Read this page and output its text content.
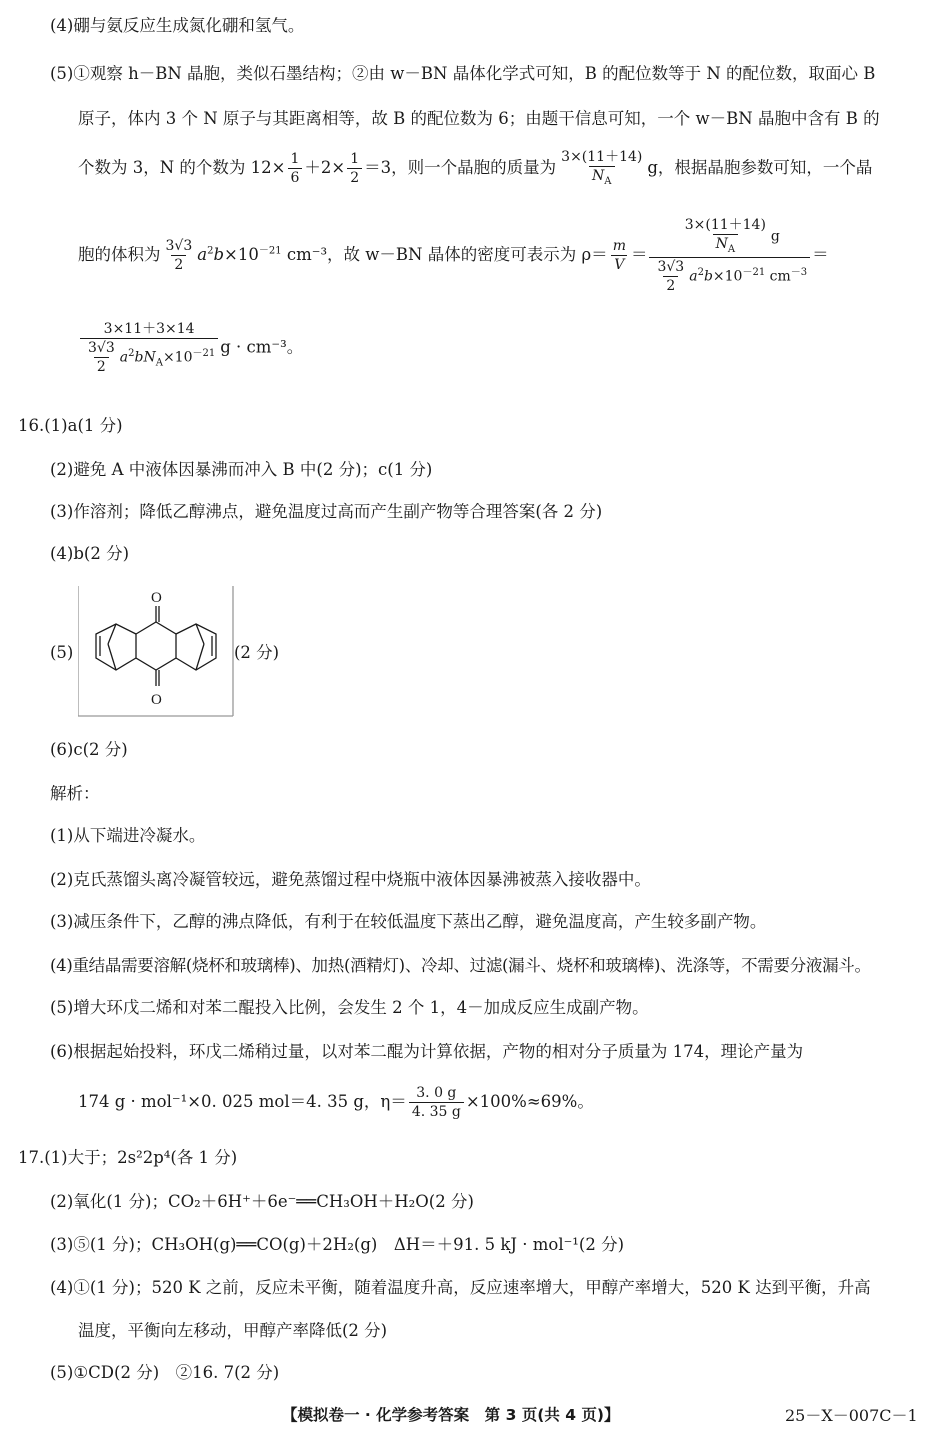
(4)硼与氨反应生成氮化硼和氢气。
(5)①观察 h－BN 晶胞，类似石墨结构；②由 w－BN 晶体化学式可知，B 的配位数等于 N 的配位数，取面心 B
原子，体内 3 个 N 原子与其距离相等，故 B 的配位数为 6；由题干信息可知，一个 w－BN 晶胞中含有 B 的
个数为 3，N 的个数为 $12\times \frac{1}{6} +2\times \frac{1}{2} =3$，则一个晶胞的质量为 $\frac{3\times(11+14)}{N_A}$ g，根据晶胞参数可知，一个晶
胞的体积为 $\frac{3√3}{2} a^2b\times 10^{-21}$ cm⁻³，故 w－BN 晶体的密度可表示为 $\rho= \frac{m}{V} = \frac{\frac{3\times(11+14)}{N_A} g}{\frac{3√3}{2} a^2b\times 10^{-21} cm^{-3}}$ ＝
$\frac{3\times 11+3\times 14}{\frac{3√3}{2} a^2bN_A\times 10^{-21}}$ g · cm⁻³。
16.(1)a(1 分)
(2)避免 A 中液体因暴沸而冲入 B 中(2 分)；c(1 分)
(3)作溶剂；降低乙醇沸点，避免温度过高而产生副产物等合理答案(各 2 分)
(4)b(2 分)
(5)
O
O
(2 分)
(6)c(2 分)
解析：
(1)从下端进冷凝水。
(2)克氏蒸馏头离冷凝管较远，避免蒸馏过程中烧瓶中液体因暴沸被蒸入接收器中。
(3)减压条件下，乙醇的沸点降低，有利于在较低温度下蒸出乙醇，避免温度高，产生较多副产物。
(4)重结晶需要溶解(烧杯和玻璃棒)、加热(酒精灯)、冷却、过滤(漏斗、烧杯和玻璃棒)、洗涤等，不需要分液漏斗。
(5)增大环戊二烯和对苯二醌投入比例，会发生 2 个 1，4－加成反应生成副产物。
(6)根据起始投料，环戊二烯稍过量，以对苯二醌为计算依据，产物的相对分子质量为 174，理论产量为
174 g · mol⁻¹×0. 025 mol＝4. 35 g，$\eta= \frac{3. 0 g}{4. 35 g} \times 100\%\approx 69\%$。
17.(1)大于；2s²2p⁴(各 1 分)
(2)氧化(1 分)；CO₂＋6H⁺＋6e⁻══CH₃OH＋H₂O(2 分)
(3)⑤(1 分)；CH₃OH(g)══CO(g)＋2H₂(g)　ΔH＝＋91. 5 kJ · mol⁻¹(2 分)
(4)①(1 分)；520 K 之前，反应未平衡，随着温度升高，反应速率增大，甲醇产率增大，520 K 达到平衡，升高
温度，平衡向左移动，甲醇产率降低(2 分)
(5)①CD(2 分)　②16. 7(2 分)
【模拟卷一 · 化学参考答案　第 3 页(共 4 页)】	25－X－007C－1
